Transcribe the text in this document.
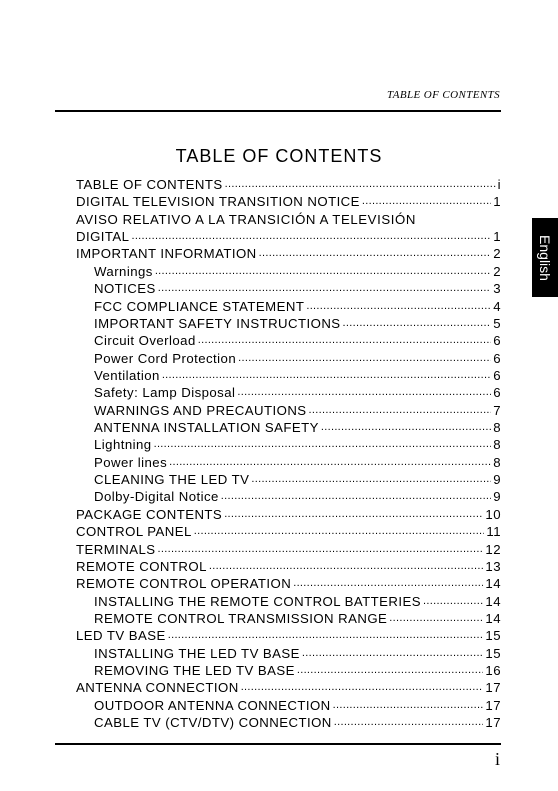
TABLE OF CONTENTS
English
TABLE OF CONTENTS
TABLE OF CONTENTS .....	i
DIGITAL TELEVISION TRANSITION NOTICE .....	1
AVISO RELATIVO A LA TRANSICIÓN A TELEVISIÓN
DIGITAL .....	1
IMPORTANT INFORMATION .....	2
Warnings .....	2
NOTICES .....	3
FCC COMPLIANCE STATEMENT .....	4
IMPORTANT SAFETY INSTRUCTIONS .....	5
Circuit Overload .....	6
Power Cord Protection .....	6
Ventilation .....	6
Safety: Lamp Disposal .....	6
WARNINGS AND PRECAUTIONS .....	7
ANTENNA INSTALLATION SAFETY .....	8
Lightning .....	8
Power lines .....	8
CLEANING THE LED TV .....	9
Dolby-Digital Notice .....	9
PACKAGE CONTENTS .....	10
CONTROL PANEL .....	11
TERMINALS .....	12
REMOTE CONTROL .....	13
REMOTE CONTROL OPERATION .....	14
INSTALLING THE REMOTE CONTROL BATTERIES .....	14
REMOTE CONTROL TRANSMISSION RANGE .....	14
LED TV BASE .....	15
INSTALLING THE LED TV BASE .....	15
REMOVING THE LED TV BASE .....	16
ANTENNA CONNECTION .....	17
OUTDOOR ANTENNA CONNECTION .....	17
CABLE TV (CTV/DTV) CONNECTION .....	17
i
